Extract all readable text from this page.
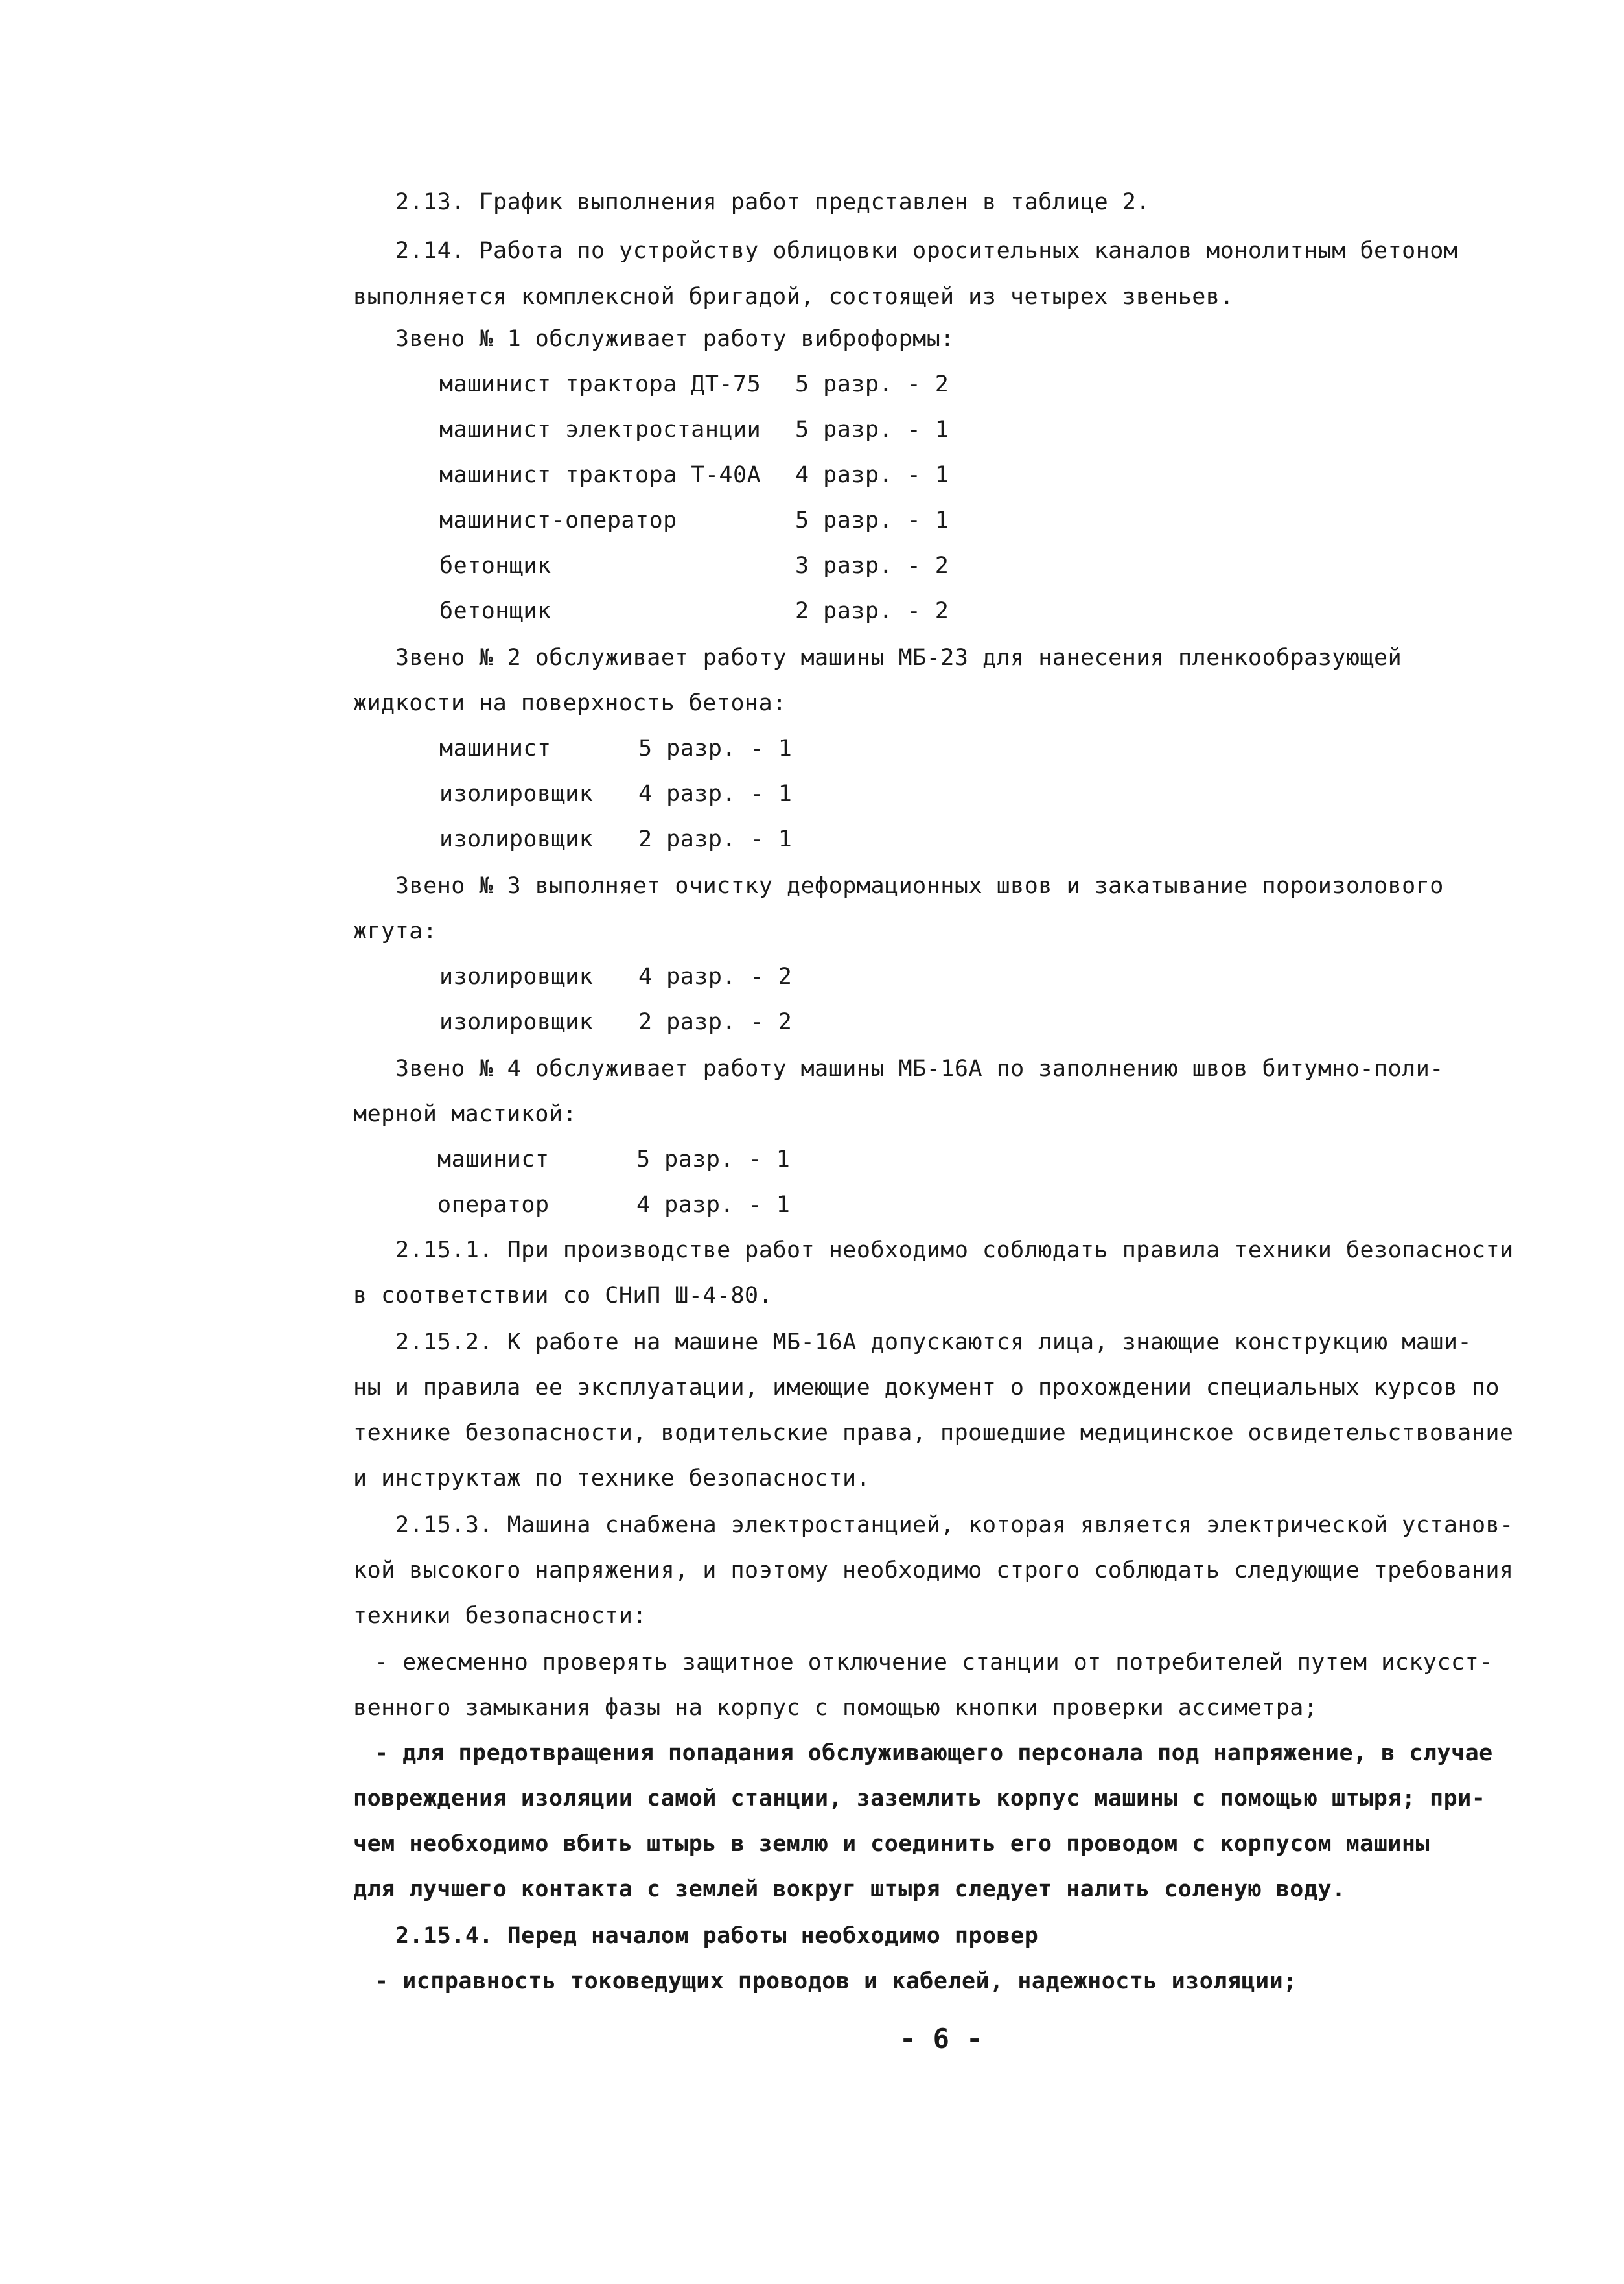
2.13. График выполнения работ представлен в таблице 2.
2.14. Работа по устройству облицовки оросительных каналов монолитным бетоном
выполняется комплексной бригадой, состоящей из четырех звеньев.
Звено № 1 обслуживает работу виброформы:
машинист трактора ДТ-75 5 разр. - 2
машинист электростанции 5 разр. - 1
машинист трактора Т-40А 4 разр. - 1
машинист-оператор	5 разр. - 1
бетонщик	3 разр. - 2
бетонщик	2 разр. - 2
Звено № 2 обслуживает работу машины МБ-23 для нанесения пленкообразующей
жидкости на поверхность бетона:
машинист	5 разр. - 1
изолировщик 4 разр. - 1
изолировщик 2 разр. - 1
Звено № 3 выполняет очистку деформационных швов и закатывание пороизолового
жгута:
изолировщик 4 разр. - 2
изолировщик 2 разр. - 2
Звено № 4 обслуживает работу машины МБ-16А по заполнению швов битумно-поли-
мерной мастикой:
машинист	5 разр. - 1
оператор	4 разр. - 1
2.15.1. При производстве работ необходимо соблюдать правила техники безопасности
в соответствии со СНиП Ш-4-80.
2.15.2. К работе на машине МБ-16А допускаются лица, знающие конструкцию маши-
ны и правила ее эксплуатации, имеющие документ о прохождении специальных курсов по
технике безопасности, водительские права, прошедшие медицинское освидетельствование
и инструктаж по технике безопасности.
2.15.3. Машина снабжена электростанцией, которая является электрической установ-
кой высокого напряжения, и поэтому необходимо строго соблюдать следующие требования
техники безопасности:
- ежесменно проверять защитное отключение станции от потребителей путем искусст-
венного замыкания фазы на корпус с помощью кнопки проверки ассиметра;
- для предотвращения попадания обслуживающего персонала под напряжение, в случае
повреждения изоляции самой станции, заземлить корпус машины с помощью штыря; при-
чем необходимо вбить штырь в землю и соединить его проводом с корпусом машины
для лучшего контакта с землей вокруг штыря следует налить соленую воду.
2.15.4. Перед началом работы необходимо провер
- исправность токоведущих проводов и кабелей, надежность изоляции;
- 6 -
